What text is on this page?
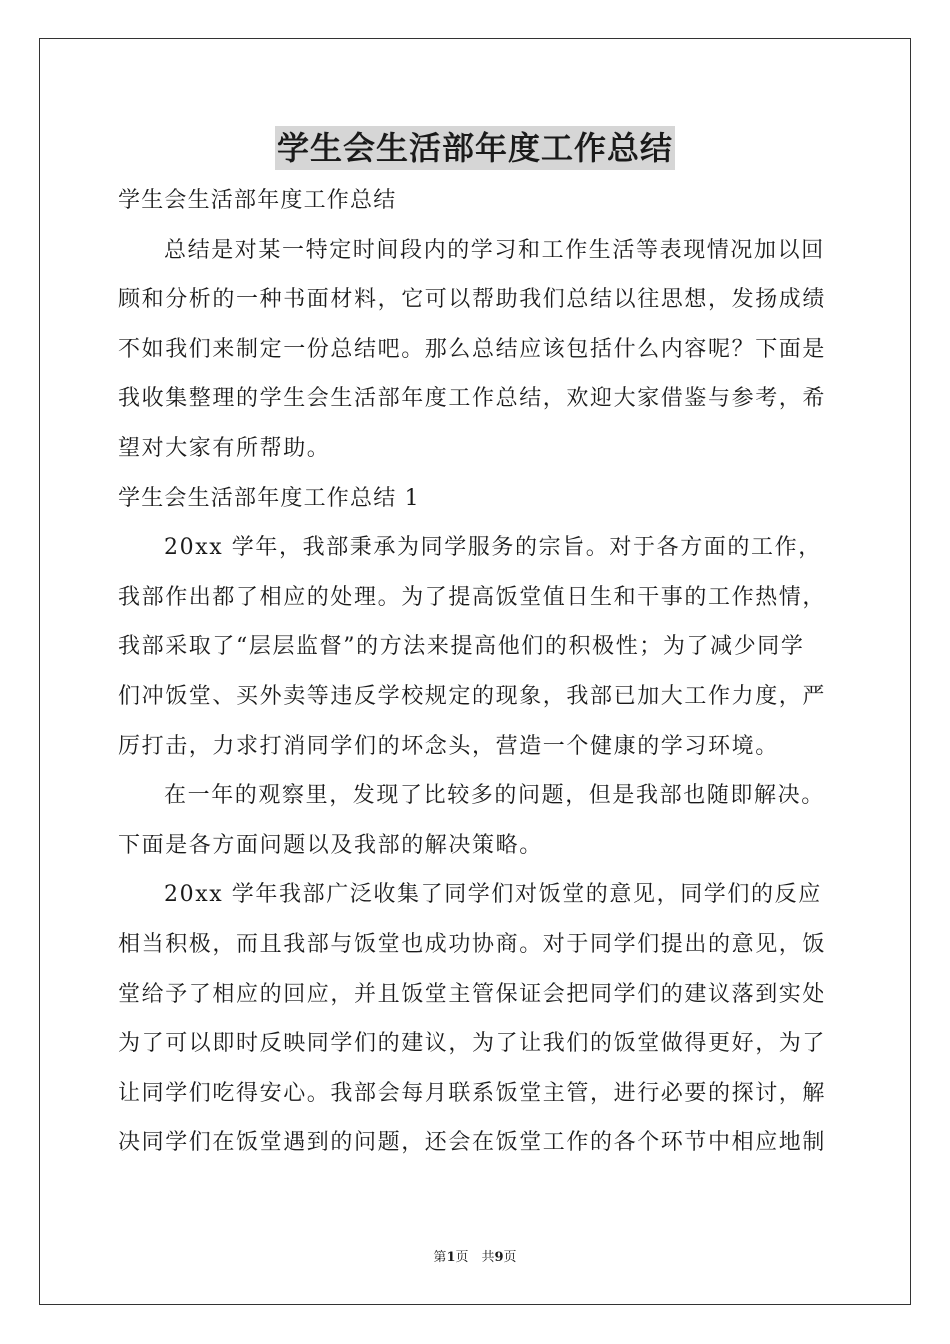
学生会生活部年度工作总结
学生会生活部年度工作总结
总结是对某一特定时间段内的学习和工作生活等表现情况加以回
顾和分析的一种书面材料，它可以帮助我们总结以往思想，发扬成绩
不如我们来制定一份总结吧。那么总结应该包括什么内容呢？下面是
我收集整理的学生会生活部年度工作总结，欢迎大家借鉴与参考，希
望对大家有所帮助。
学生会生活部年度工作总结 1
20xx 学年，我部秉承为同学服务的宗旨。对于各方面的工作，
我部作出都了相应的处理。为了提高饭堂值日生和干事的工作热情，
我部采取了“层层监督”的方法来提高他们的积极性；为了减少同学
们冲饭堂、买外卖等违反学校规定的现象，我部已加大工作力度，严
厉打击，力求打消同学们的坏念头，营造一个健康的学习环境。
在一年的观察里，发现了比较多的问题，但是我部也随即解决。
下面是各方面问题以及我部的解决策略。
20xx 学年我部广泛收集了同学们对饭堂的意见，同学们的反应
相当积极，而且我部与饭堂也成功协商。对于同学们提出的意见，饭
堂给予了相应的回应，并且饭堂主管保证会把同学们的建议落到实处
为了可以即时反映同学们的建议，为了让我们的饭堂做得更好，为了
让同学们吃得安心。我部会每月联系饭堂主管，进行必要的探讨，解
决同学们在饭堂遇到的问题，还会在饭堂工作的各个环节中相应地制
第1页　共9页
